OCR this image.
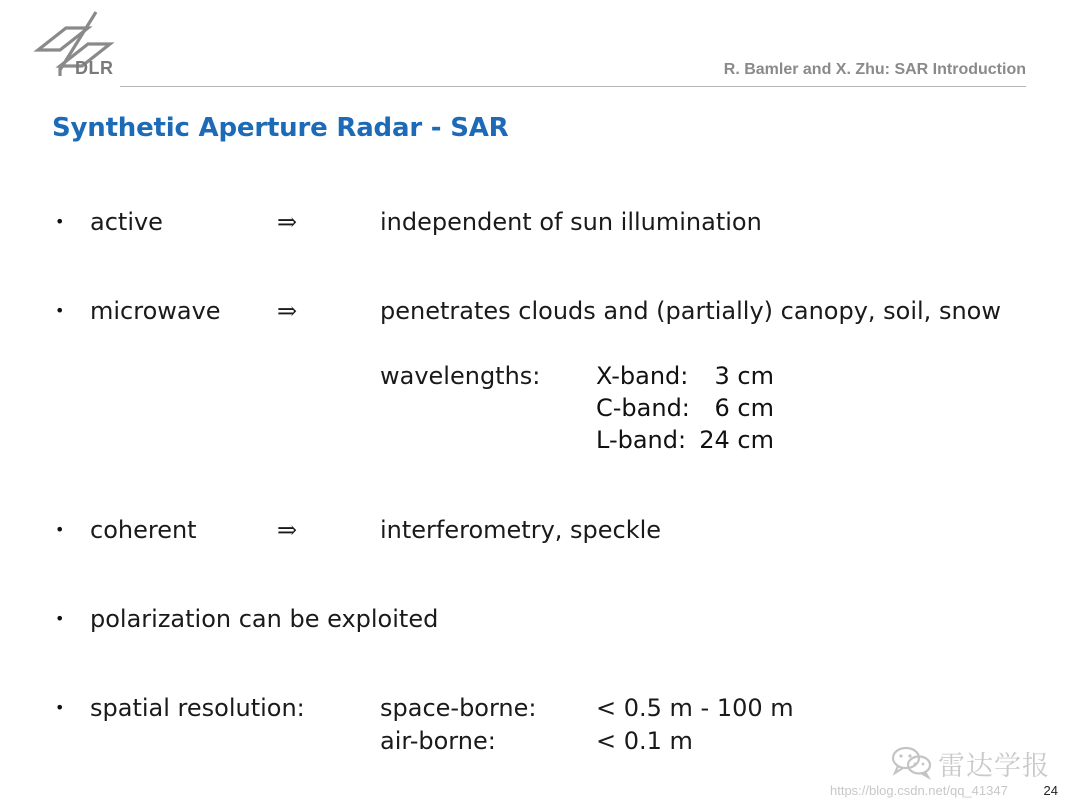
DLR	R. Bamler and X. Zhu: SAR Introduction
Synthetic Aperture Radar - SAR
• active	⇒	independent of sun illumination
• microwave ⇒	penetrates clouds and (partially) canopy, soil, snow
wavelengths: X-band: 3 cm
C-band: 6 cm
L-band: 24 cm
• coherent	⇒	interferometry, speckle
• polarization can be exploited
• spatial resolution:	space-borne: < 0.5 m - 100 m
air-borne:	< 0.1 m
雷达学报
https://blog.csdn.net/qq_41347	24
